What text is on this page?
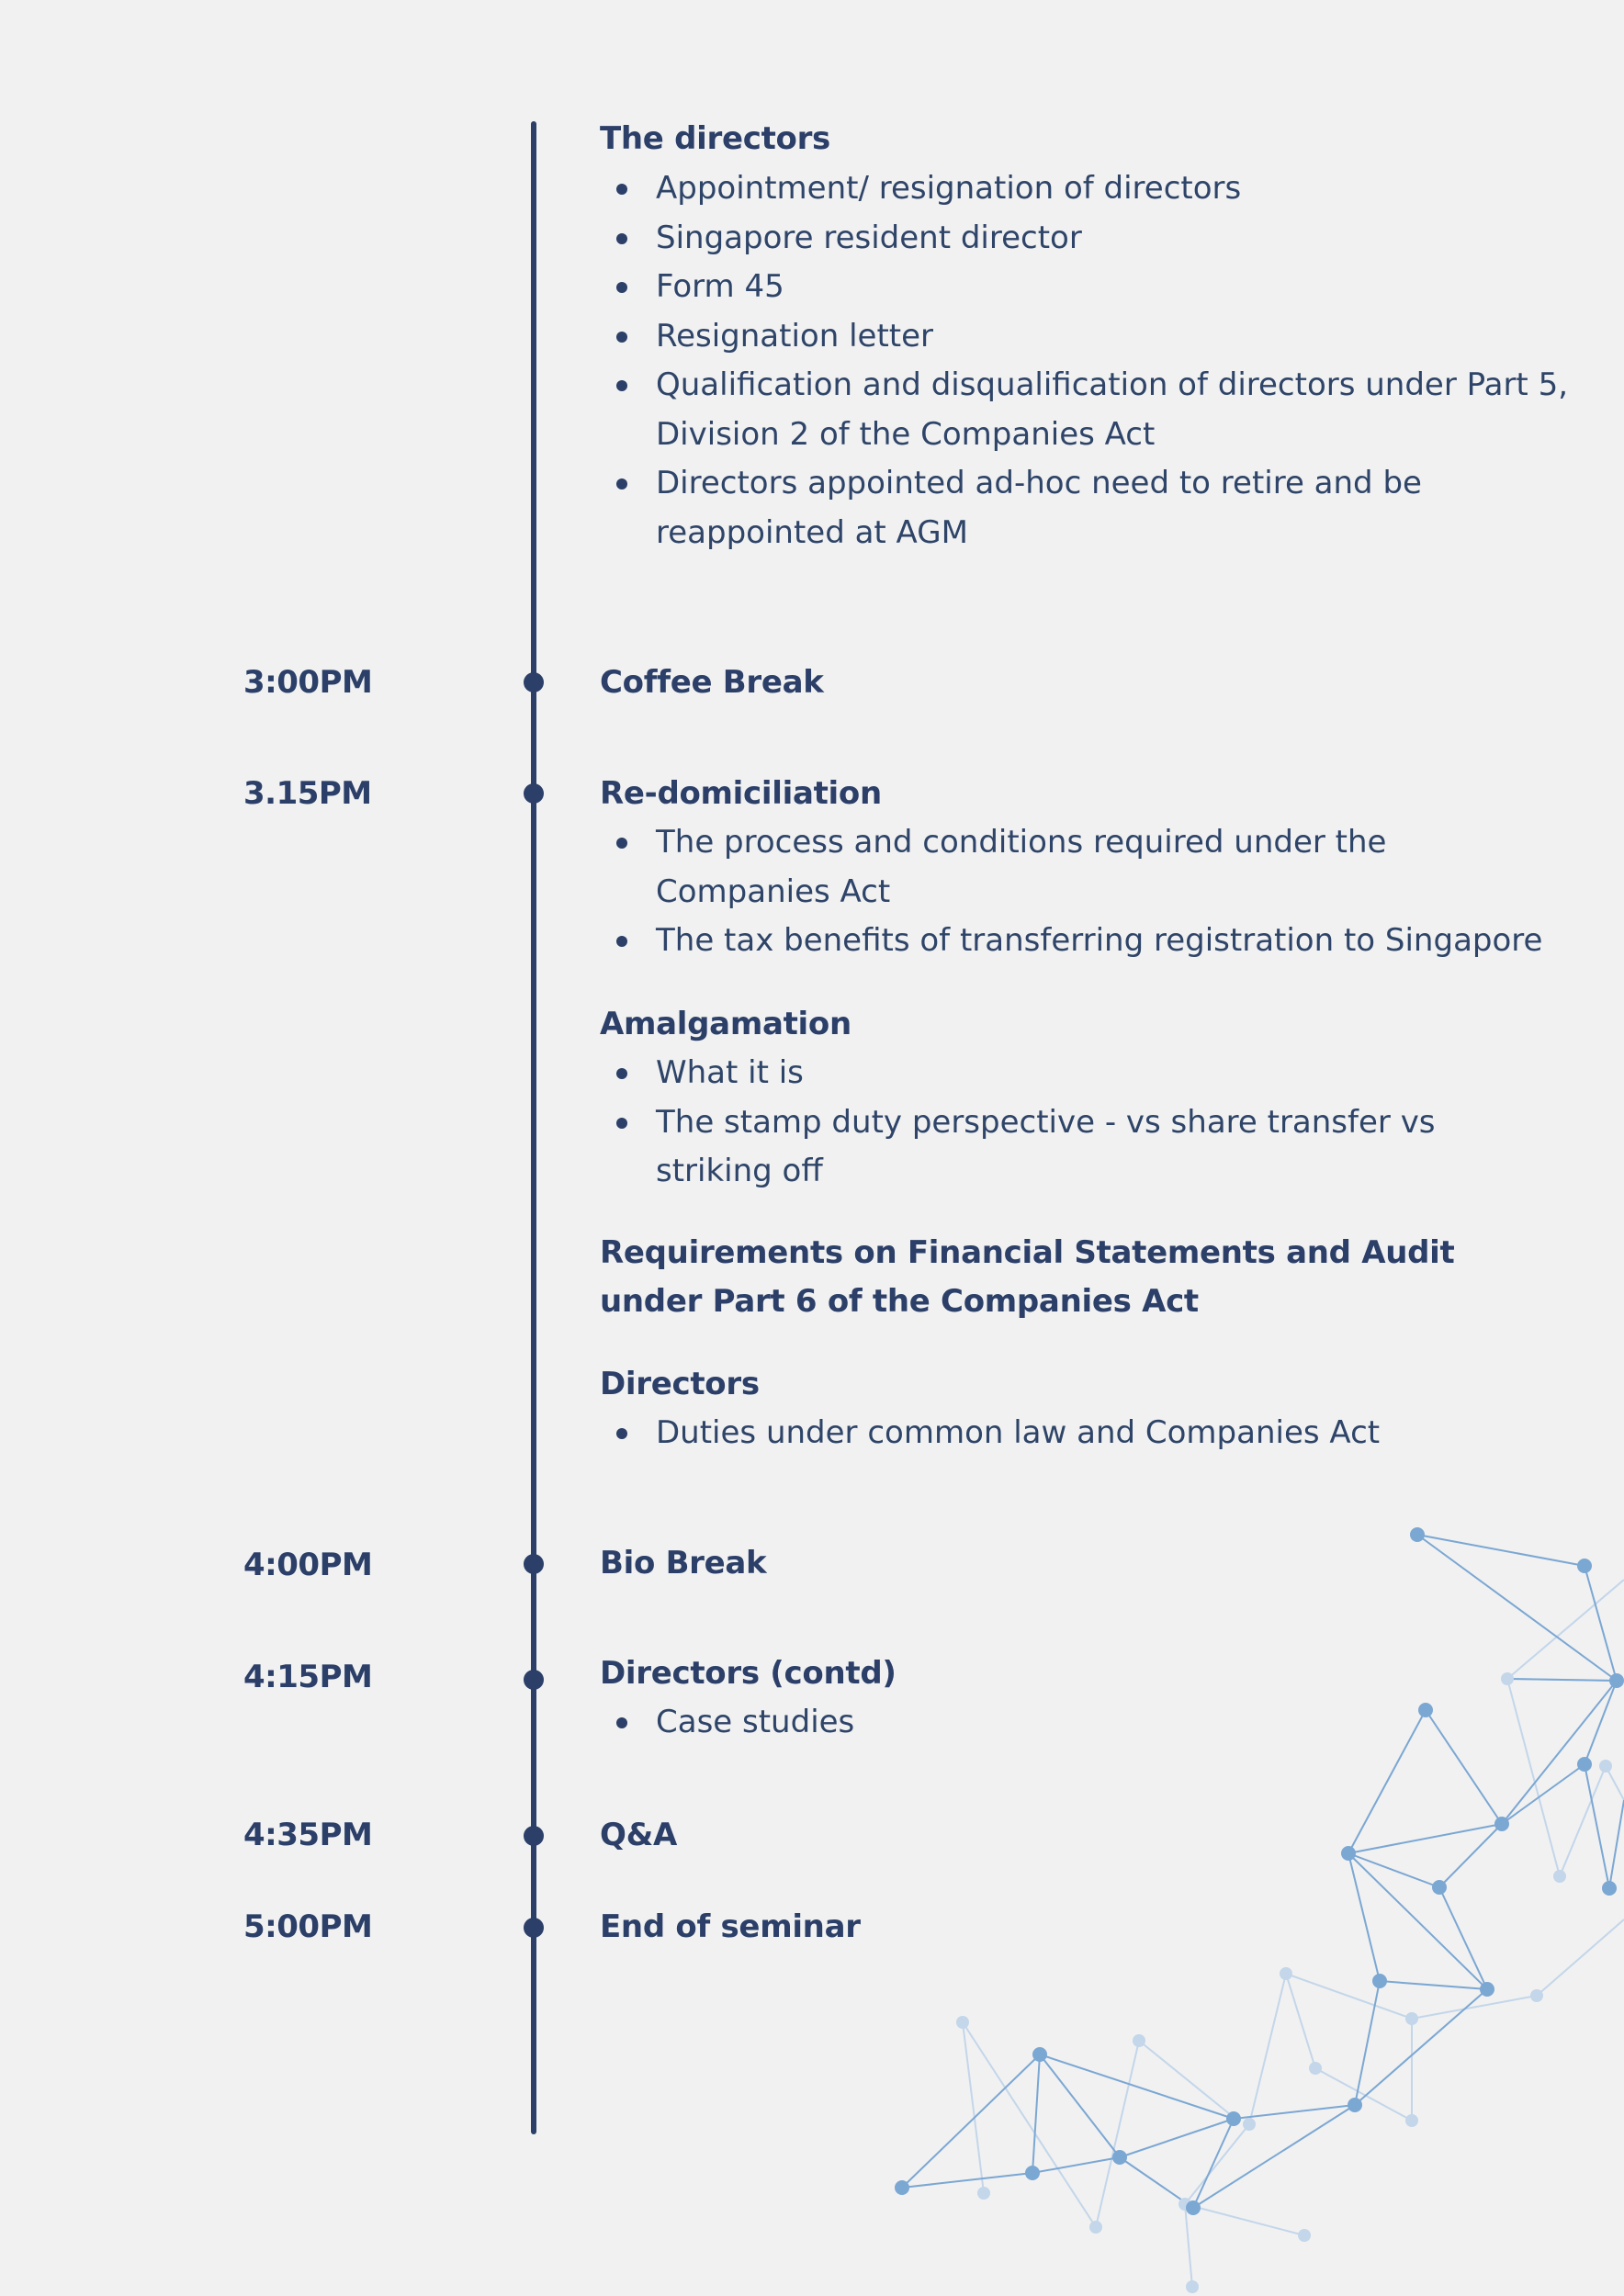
The directors
Appointment/ resignation of directors
Singapore resident director
Form 45
Resignation letter
Qualification and disqualification of directors under Part 5, Division 2 of the Companies Act
Directors appointed ad-hoc need to retire and be reappointed at AGM
3:00PM	Coffee Break
3.15PM	Re-domiciliation
The process and conditions required under the Companies Act
The tax benefits of transferring registration to Singapore
Amalgamation
What it is
The stamp duty perspective - vs share transfer vs striking off
Requirements on Financial Statements and Audit under Part 6 of the Companies Act
Directors
Duties under common law and Companies Act
4:00PM	Bio Break
4:15PM	Directors (contd)
Case studies
4:35PM	Q&A
5:00PM	End of seminar
